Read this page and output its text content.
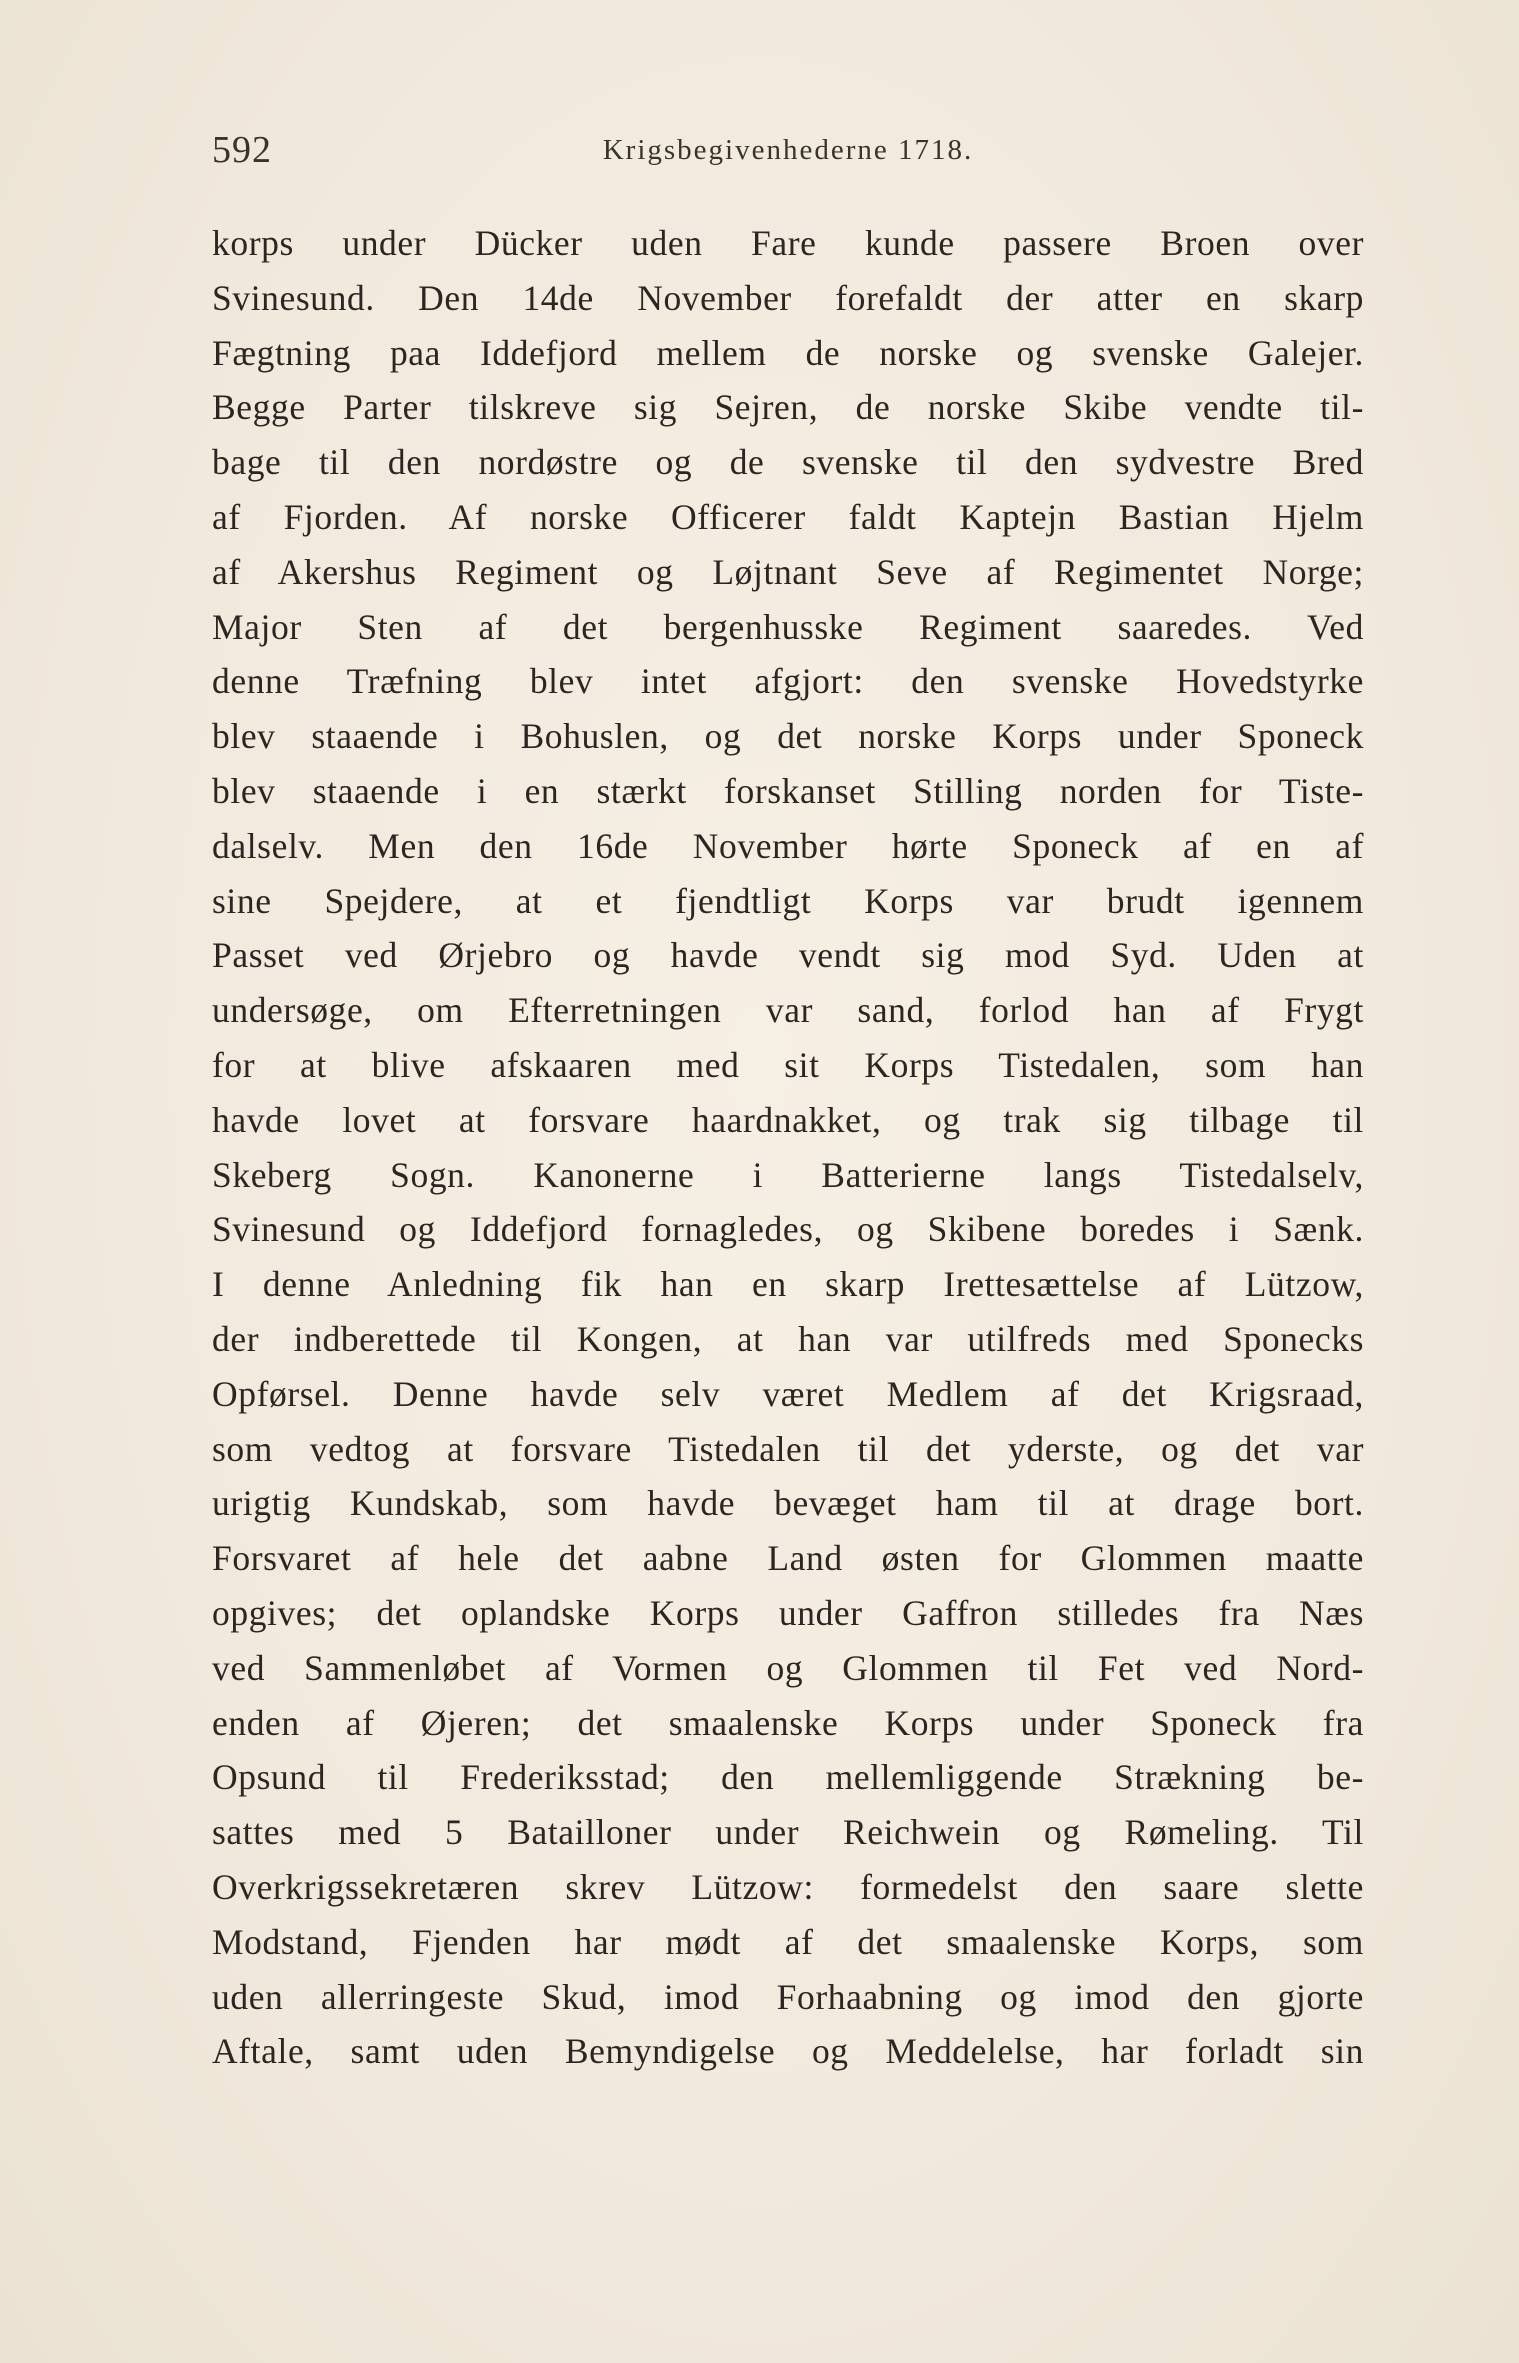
592	Krigsbegivenhederne 1718.
korps under Dücker uden Fare kunde passere Broen over
Svinesund. Den 14de November forefaldt der atter en skarp
Fægtning paa Iddefjord mellem de norske og svenske Galejer.
Begge Parter tilskreve sig Sejren, de norske Skibe vendte til-
bage til den nordøstre og de svenske til den sydvestre Bred
af Fjorden. Af norske Officerer faldt Kaptejn Bastian Hjelm
af Akershus Regiment og Løjtnant Seve af Regimentet Norge;
Major Sten af det bergenhusske Regiment saaredes. Ved
denne Træfning blev intet afgjort: den svenske Hovedstyrke
blev staaende i Bohuslen, og det norske Korps under Sponeck
blev staaende i en stærkt forskanset Stilling norden for Tiste-
dalselv. Men den 16de November hørte Sponeck af en af
sine Spejdere, at et fjendtligt Korps var brudt igennem
Passet ved Ørjebro og havde vendt sig mod Syd. Uden at
undersøge, om Efterretningen var sand, forlod han af Frygt
for at blive afskaaren med sit Korps Tistedalen, som han
havde lovet at forsvare haardnakket, og trak sig tilbage til
Skeberg Sogn. Kanonerne i Batterierne langs Tistedalselv,
Svinesund og Iddefjord fornagledes, og Skibene boredes i Sænk.
I denne Anledning fik han en skarp Irettesættelse af Lützow,
der indberettede til Kongen, at han var utilfreds med Sponecks
Opførsel. Denne havde selv været Medlem af det Krigsraad,
som vedtog at forsvare Tistedalen til det yderste, og det var
urigtig Kundskab, som havde bevæget ham til at drage bort.
Forsvaret af hele det aabne Land østen for Glommen maatte
opgives; det oplandske Korps under Gaffron stilledes fra Næs
ved Sammenløbet af Vormen og Glommen til Fet ved Nord-
enden af Øjeren; det smaalenske Korps under Sponeck fra
Opsund til Frederiksstad; den mellemliggende Strækning be-
sattes med 5 Batailloner under Reichwein og Rømeling. Til
Overkrigssekretæren skrev Lützow: formedelst den saare slette
Modstand, Fjenden har mødt af det smaalenske Korps, som
uden allerringeste Skud, imod Forhaabning og imod den gjorte
Aftale, samt uden Bemyndigelse og Meddelelse, har forladt sin
